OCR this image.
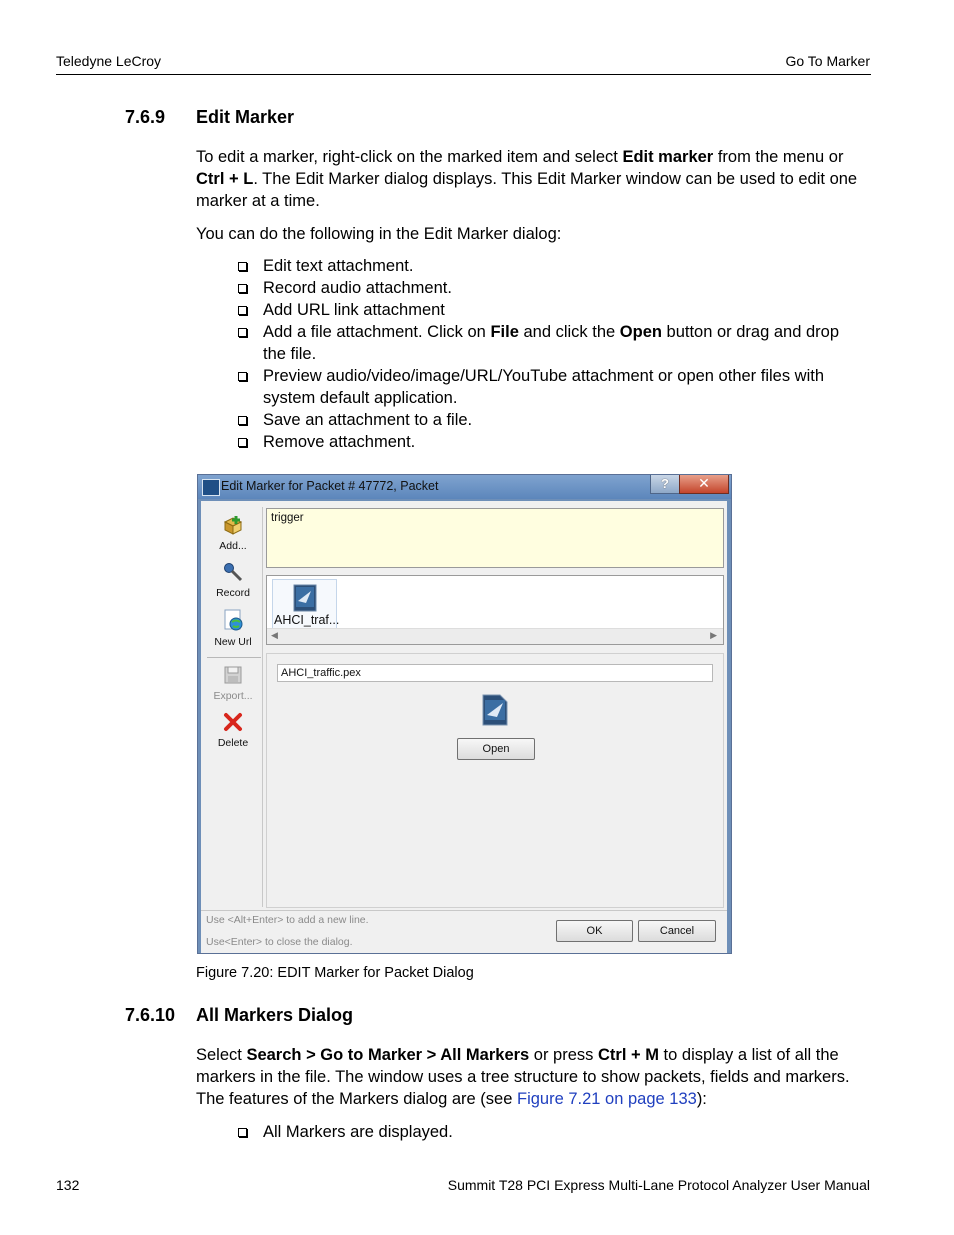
Teledyne LeCroy	Go To Marker
7.6.9 Edit Marker
To edit a marker, right-click on the marked item and select Edit marker from the menu or Ctrl + L. The Edit Marker dialog displays. This Edit Marker window can be used to edit one marker at a time.
You can do the following in the Edit Marker dialog:
Edit text attachment.
Record audio attachment.
Add URL link attachment
Add a file attachment. Click on File and click the Open button or drag and drop the file.
Preview audio/video/image/URL/YouTube attachment or open other files with system default application.
Save an attachment to a file.
Remove attachment.
Edit Marker for Packet # 47772, Packet	?	✕
Add...
Record
New Url
Export...
Delete
trigger
AHCI_traf...
◀	▶
AHCI_traffic.pex
Open
Use <Alt+Enter> to add a new line.
Use<Enter> to close the dialog.
OK	Cancel
Figure 7.20: EDIT Marker for Packet Dialog
7.6.10 All Markers Dialog
Select Search > Go to Marker > All Markers or press Ctrl + M to display a list of all the markers in the file. The window uses a tree structure to show packets, fields and markers. The features of the Markers dialog are (see Figure 7.21 on page 133):
All Markers are displayed.
132	Summit T28 PCI Express Multi-Lane Protocol Analyzer User Manual
